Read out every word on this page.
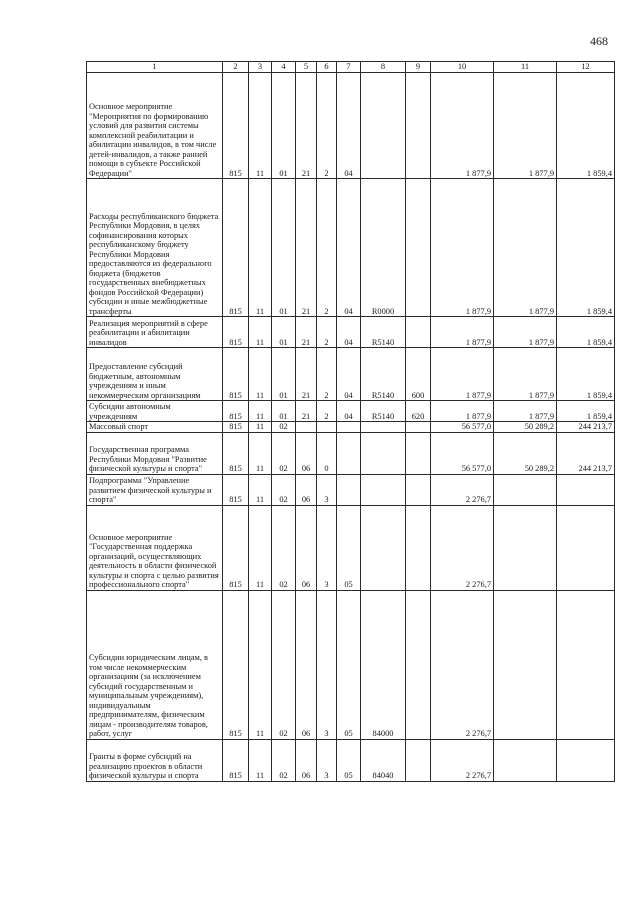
468
1	2	3	4	5	6	7	8	9	10	11	12
Основное мероприятие "Мероприятия по формированию условий для развития системы комплексной реабилитации и абилитации инвалидов, в том числе детей-инвалидов, а также ранней помощи в субъекте Российской Федерации"	815	11	01	21	2	04			1 877,9	1 877,9	1 859,4
Расходы республиканского бюджета Республики Мордовия, в целях софинансирования которых республиканскому бюджету Республики Мордовия предоставляются из федерального бюджета (бюджетов государственных внебюджетных фондов Российской Федерации) субсидии и иные межбюджетные трансферты	815	11	01	21	2	04	R0000		1 877,9	1 877,9	1 859,4
Реализация мероприятий в сфере реабилитации и абилитации инвалидов	815	11	01	21	2	04	R5140		1 877,9	1 877,9	1 859,4
Предоставление субсидий бюджетным, автономным учреждениям и иным некоммерческим организациям	815	11	01	21	2	04	R5140	600	1 877,9	1 877,9	1 859,4
Субсидии автономным учреждениям	815	11	01	21	2	04	R5140	620	1 877,9	1 877,9	1 859,4
Массовый спорт	815	11	02						56 577,0	50 289,2	244 213,7
Государственная программа Республики Мордовия "Развитие физической культуры и спорта"	815	11	02	06	0				56 577,0	50 289,2	244 213,7
Подпрограмма "Управление развитием физической культуры и спорта"	815	11	02	06	3				2 276,7		
Основное мероприятие "Государственная поддержка организаций, осуществляющих деятельность в области физической культуры и спорта с целью развития профессионального спорта"	815	11	02	06	3	05			2 276,7		
Субсидии юридическим лицам, в том числе некоммерческим организациям (за исключением субсидий государственным и муниципальным учреждениям), индивидуальным предпринимателям, физическим лицам - производителям товаров, работ, услуг	815	11	02	06	3	05	84000		2 276,7		
Гранты в форме субсидий на реализацию проектов в области физической культуры и спорта	815	11	02	06	3	05	84040		2 276,7		
